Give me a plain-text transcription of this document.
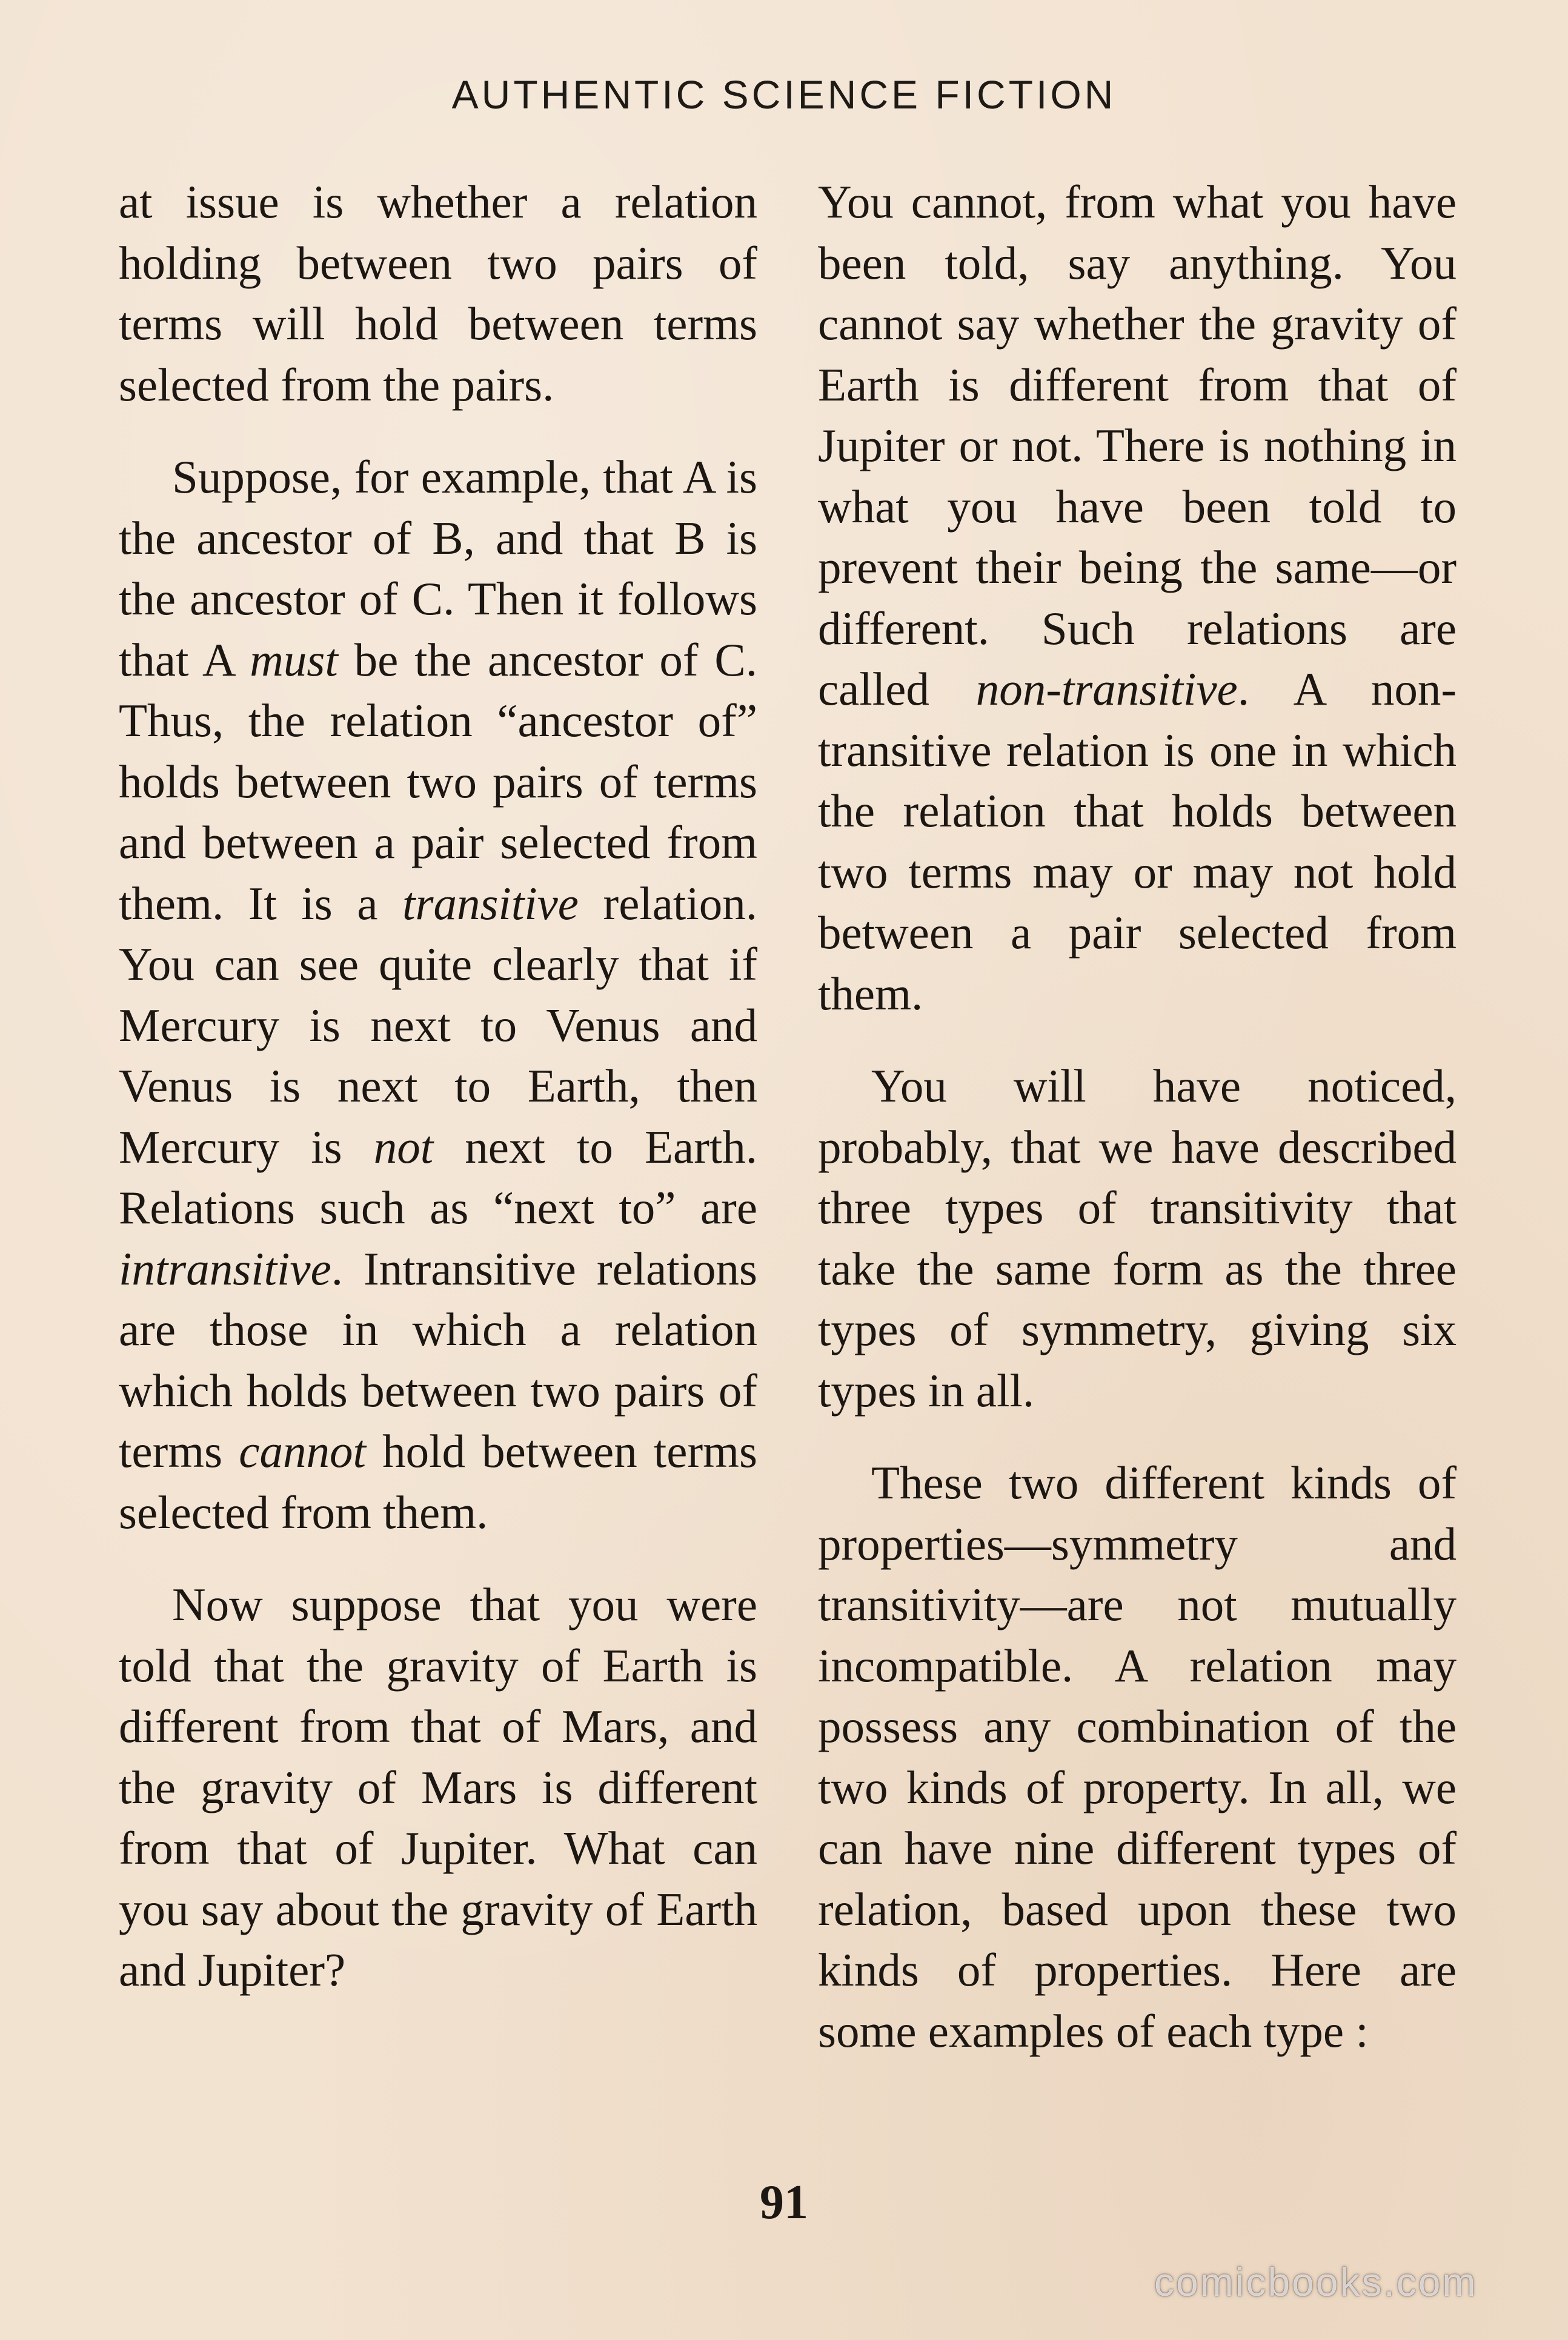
AUTHENTIC SCIENCE FICTION

at issue is whether a relation holding between two pairs of terms will hold between terms selected from the pairs.

Suppose, for example, that A is the ancestor of B, and that B is the ancestor of C. Then it follows that A must be the ancestor of C. Thus, the relation “ancestor of” holds between two pairs of terms and between a pair selected from them. It is a transitive relation. You can see quite clearly that if Mercury is next to Venus and Venus is next to Earth, then Mercury is not next to Earth. Relations such as “next to” are intransitive. Intransitive relations are those in which a relation which holds between two pairs of terms cannot hold between terms selected from them.

Now suppose that you were told that the gravity of Earth is different from that of Mars, and the gravity of Mars is different from that of Jupiter. What can you say about the gravity of Earth and Jupiter?

You cannot, from what you have been told, say anything. You cannot say whether the gravity of Earth is different from that of Jupiter or not. There is nothing in what you have been told to prevent their being the same—or different. Such relations are called non-transitive. A non-transitive relation is one in which the relation that holds between two terms may or may not hold between a pair selected from them.

You will have noticed, probably, that we have described three types of transitivity that take the same form as the three types of symmetry, giving six types in all.

These two different kinds of properties—symmetry and transitivity—are not mutually incompatible. A relation may possess any combination of the two kinds of property. In all, we can have nine different types of relation, based upon these two kinds of properties. Here are some examples of each type :

91
comicbooks.com
